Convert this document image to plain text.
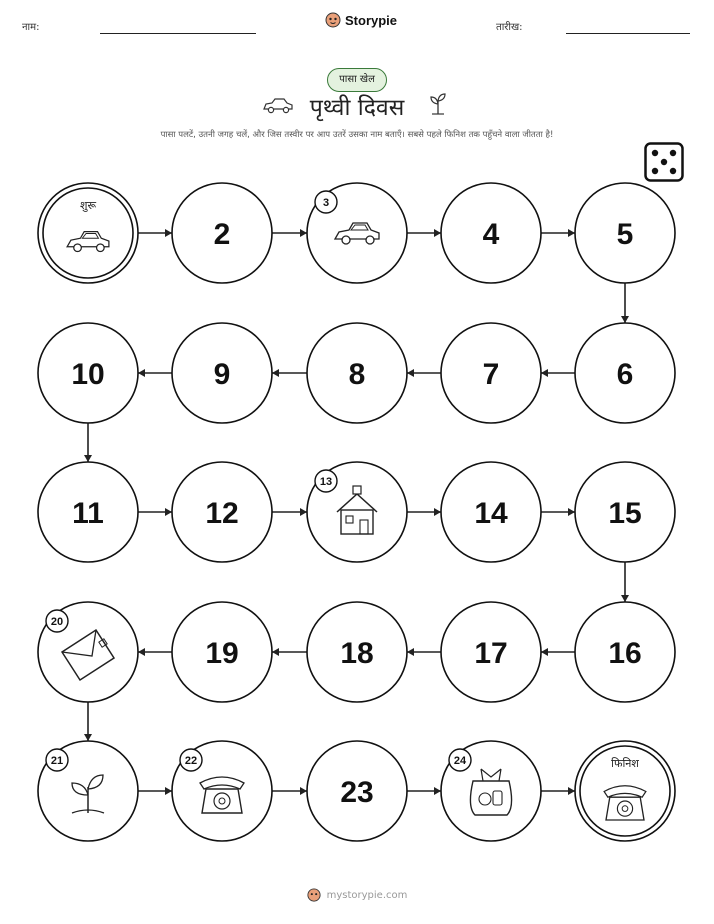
नाम:	Storypie	तारीख:
पासा खेल
पृथ्वी दिवस
पासा पलटें, उतनी जगह चलें, और जिस तस्वीर पर आप उतरें उसका नाम बताएँ। सबसे पहले फिनिश तक पहुँचने वाला जीतता है!
शुरू
2
3
4	5
6
7
8
9
10
11	12
13
14	15
16
17
18
19
20
21	22
23
24	फिनिश
mystorypie.com
